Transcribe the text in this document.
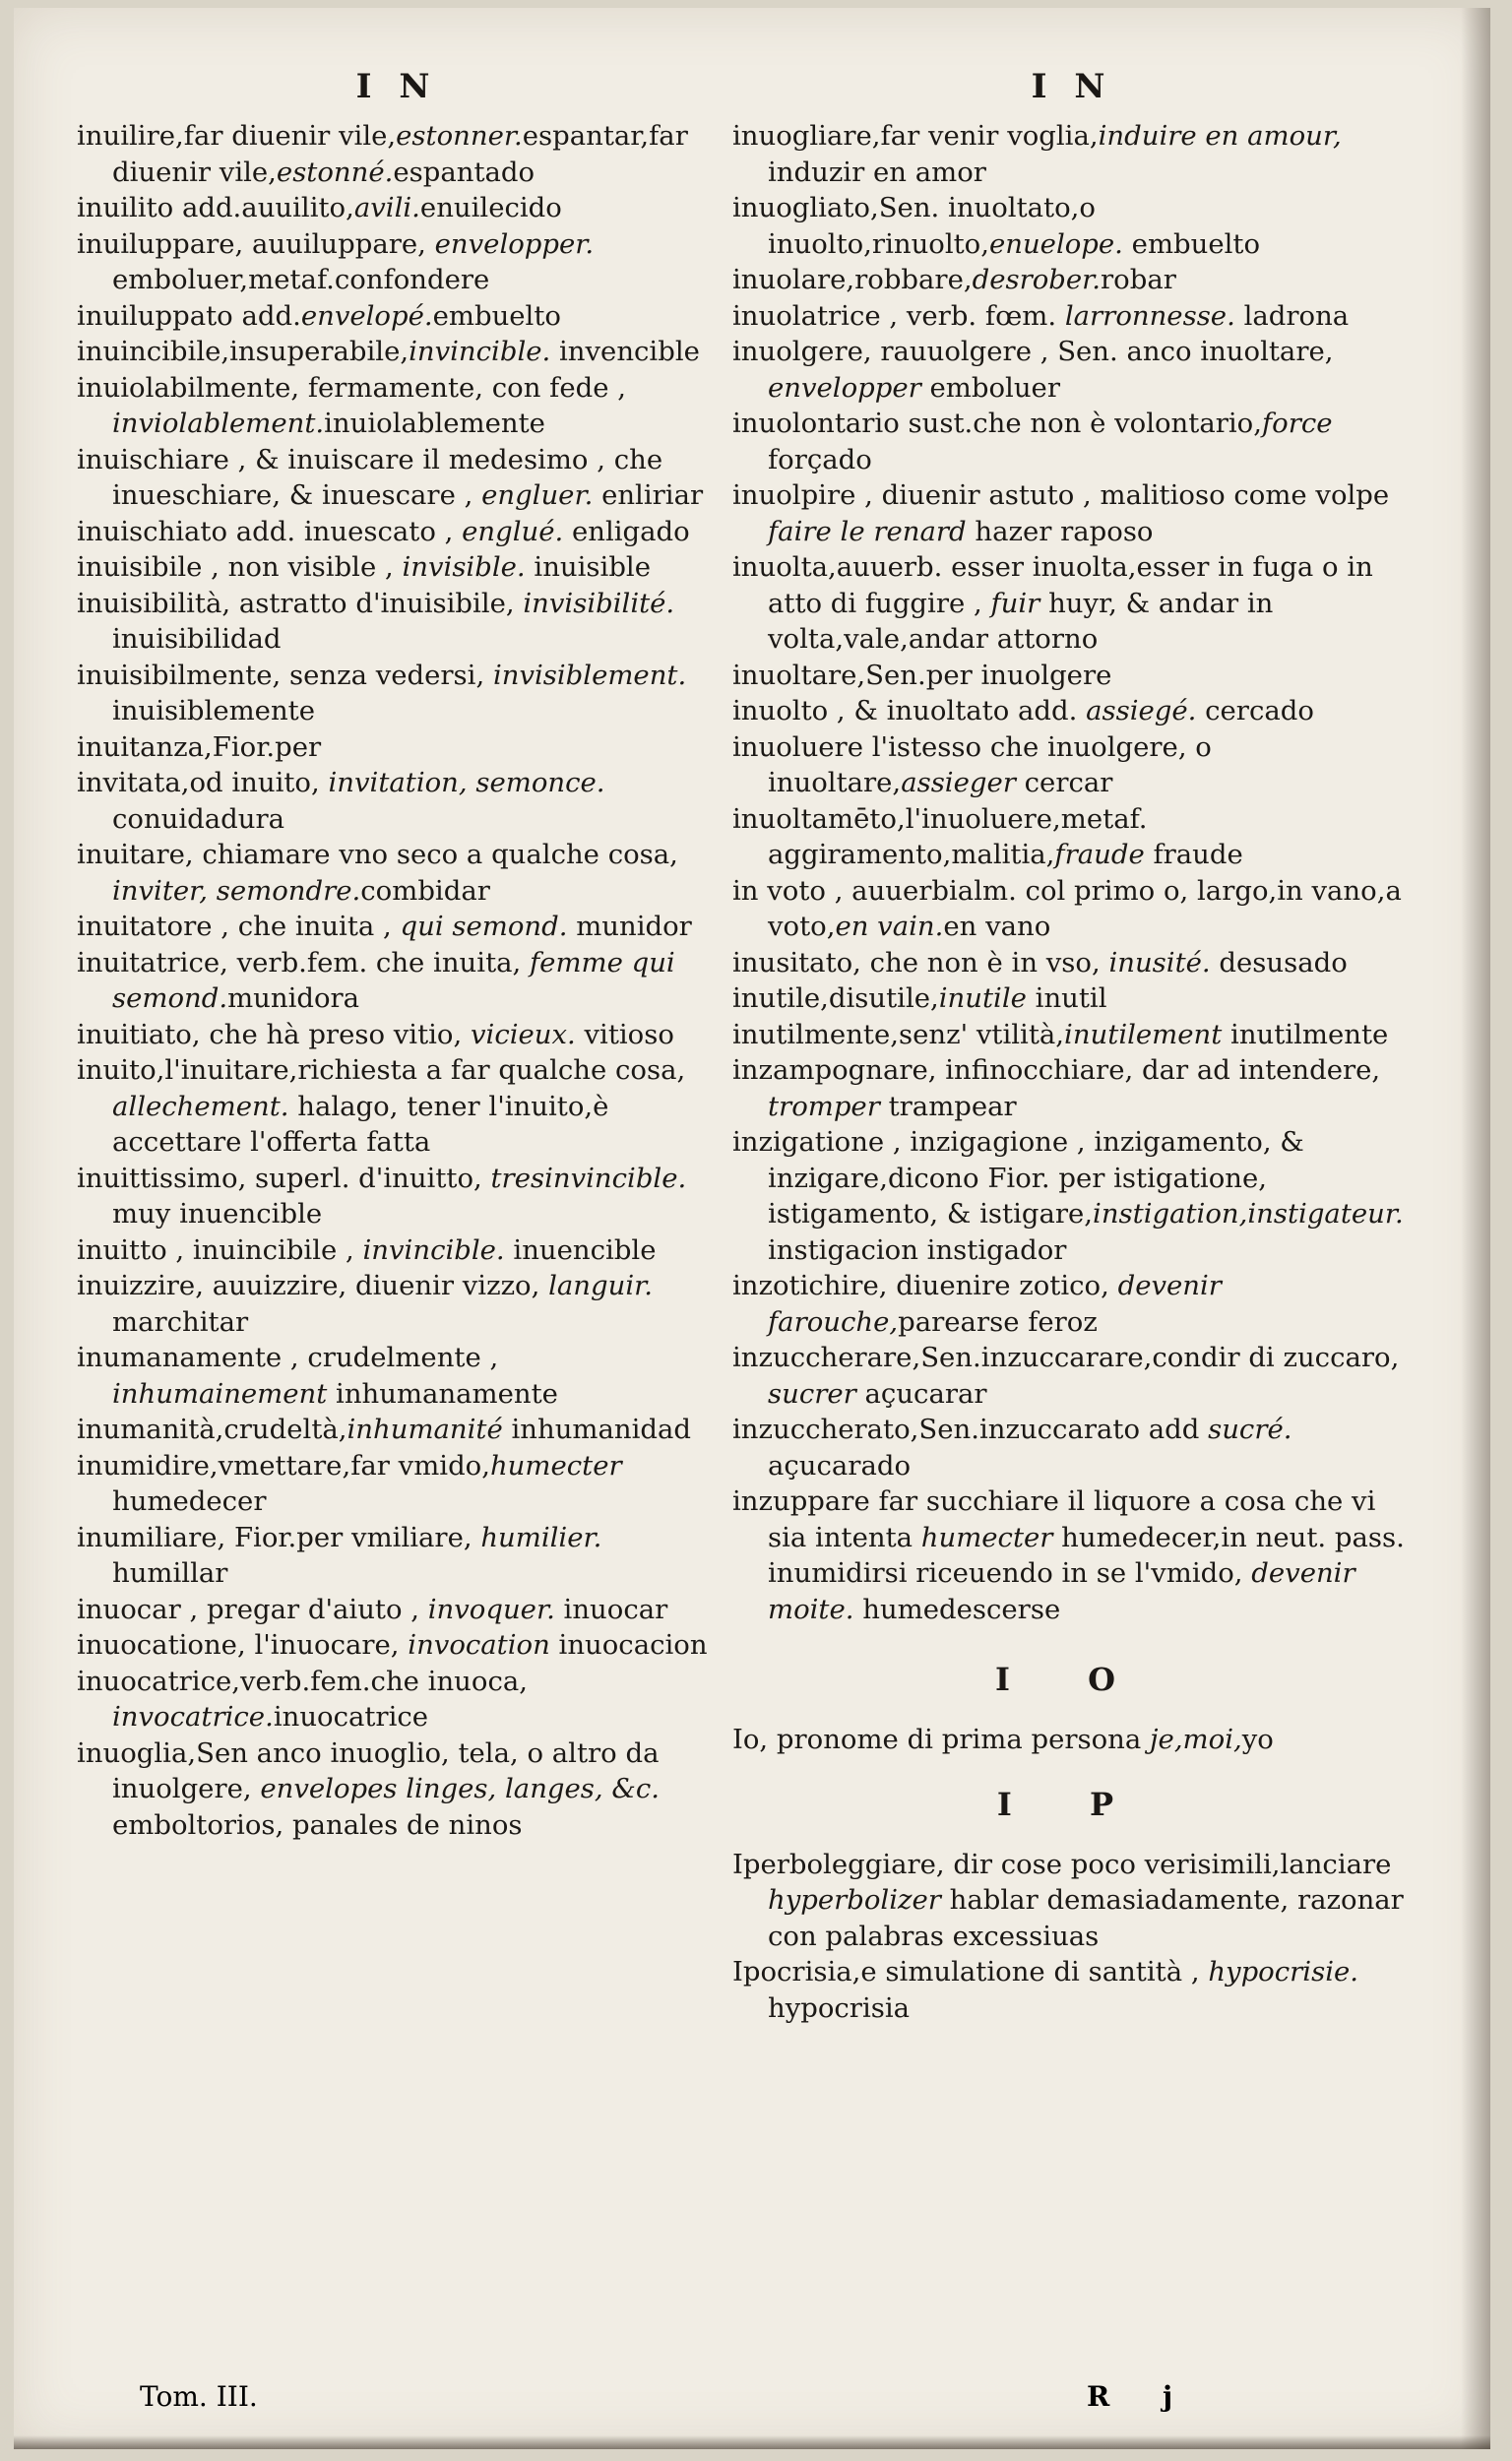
I N

inuilire,far diuenir vile,estonner.espantar,far diuenir vile,estonné.espantado

inuilito add.auuilito,avili.enuilecido

inuiluppare, auuiluppare, envelopper. emboluer,metaf.confondere

inuiluppato add.envelopé.embuelto

inuincibile,insuperabile,invincible. invencible

inuiolabilmente, fermamente, con fede , inviolablement.inuiolablemente

inuischiare , & inuiscare il medesimo , che inueschiare, & inuescare , engluer. enliriar

inuischiato add. inuescato , englué. enligado

inuisibile , non visible , invisible. inuisible

inuisibilità, astratto d'inuisibile, invisibilité. inuisibilidad

inuisibilmente, senza vedersi, invisiblement. inuisiblemente

inuitanza,Fior.per

invitata,od inuito, invitation, semonce. conuidadura

inuitare, chiamare vno seco a qualche cosa, inviter, semondre.combidar

inuitatore , che inuita , qui semond. munidor

inuitatrice, verb.fem. che inuita, femme qui semond.munidora

inuitiato, che hà preso vitio, vicieux. vitioso

inuito,l'inuitare,richiesta a far qualche cosa, allechement. halago, tener l'inuito,è accettare l'offerta fatta

inuittissimo, superl. d'inuitto, tresinvincible. muy inuencible

inuitto , inuincibile , invincible. inuencible

inuizzire, auuizzire, diuenir vizzo, languir. marchitar

inumanamente , crudelmente , inhumainement inhumanamente

inumanità,crudeltà,inhumanité inhumanidad

inumidire,vmettare,far vmido,humecter humedecer

inumiliare, Fior.per vmiliare, humilier. humillar

inuocar , pregar d'aiuto , invoquer. inuocar

inuocatione, l'inuocare, invocation inuocacion

inuocatrice,verb.fem.che inuoca, invocatrice.inuocatrice

inuoglia,Sen anco inuoglio, tela, o altro da inuolgere, envelopes linges, langes, &c. emboltorios, panales de ninos

I N

inuogliare,far venir voglia,induire en amour, induzir en amor

inuogliato,Sen. inuoltato,o inuolto,rinuolto,enuelope. embuelto

inuolare,robbare,desrober.robar

inuolatrice , verb. fœm. larronnesse. ladrona

inuolgere, rauuolgere , Sen. anco inuoltare, envelopper emboluer

inuolontario sust.che non è volontario,force forçado

inuolpire , diuenir astuto , malitioso come volpe faire le renard hazer raposo

inuolta,auuerb. esser inuolta,esser in fuga o in atto di fuggire , fuir huyr, & andar in volta,vale,andar attorno

inuoltare,Sen.per inuolgere

inuolto , & inuoltato add. assiegé. cercado

inuoluere l'istesso che inuolgere, o inuoltare,assieger cercar

inuoltamēto,l'inuoluere,metaf. aggiramento,malitia,fraude fraude

in voto , auuerbialm. col primo o, largo,in vano,a voto,en vain.en vano

inusitato, che non è in vso, inusité. desusado

inutile,disutile,inutile inutil

inutilmente,senz' vtilità,inutilement inutilmente

inzampognare, infinocchiare, dar ad intendere, tromper trampear

inzigatione , inzigagione , inzigamento, & inzigare,dicono Fior. per istigatione, istigamento, & istigare,instigation,instigateur. instigacion instigador

inzotichire, diuenire zotico, devenir farouche,parearse feroz

inzuccherare,Sen.inzuccarare,condir di zuccaro, sucrer açucarar

inzuccherato,Sen.inzuccarato add sucré. açucarado

inzuppare far succhiare il liquore a cosa che vi sia intenta humecter humedecer,in neut. pass. inumidirsi riceuendo in se l'vmido, devenir moite. humedescerse

I O

Io, pronome di prima persona je,moi,yo

I P

Iperboleggiare, dir cose poco verisimili,lanciare hyperbolizer hablar demasiadamente, razonar con palabras excessiuas

Ipocrisia,e simulatione di santità , hypocrisie. hypocrisia

Tom. III.	R j
